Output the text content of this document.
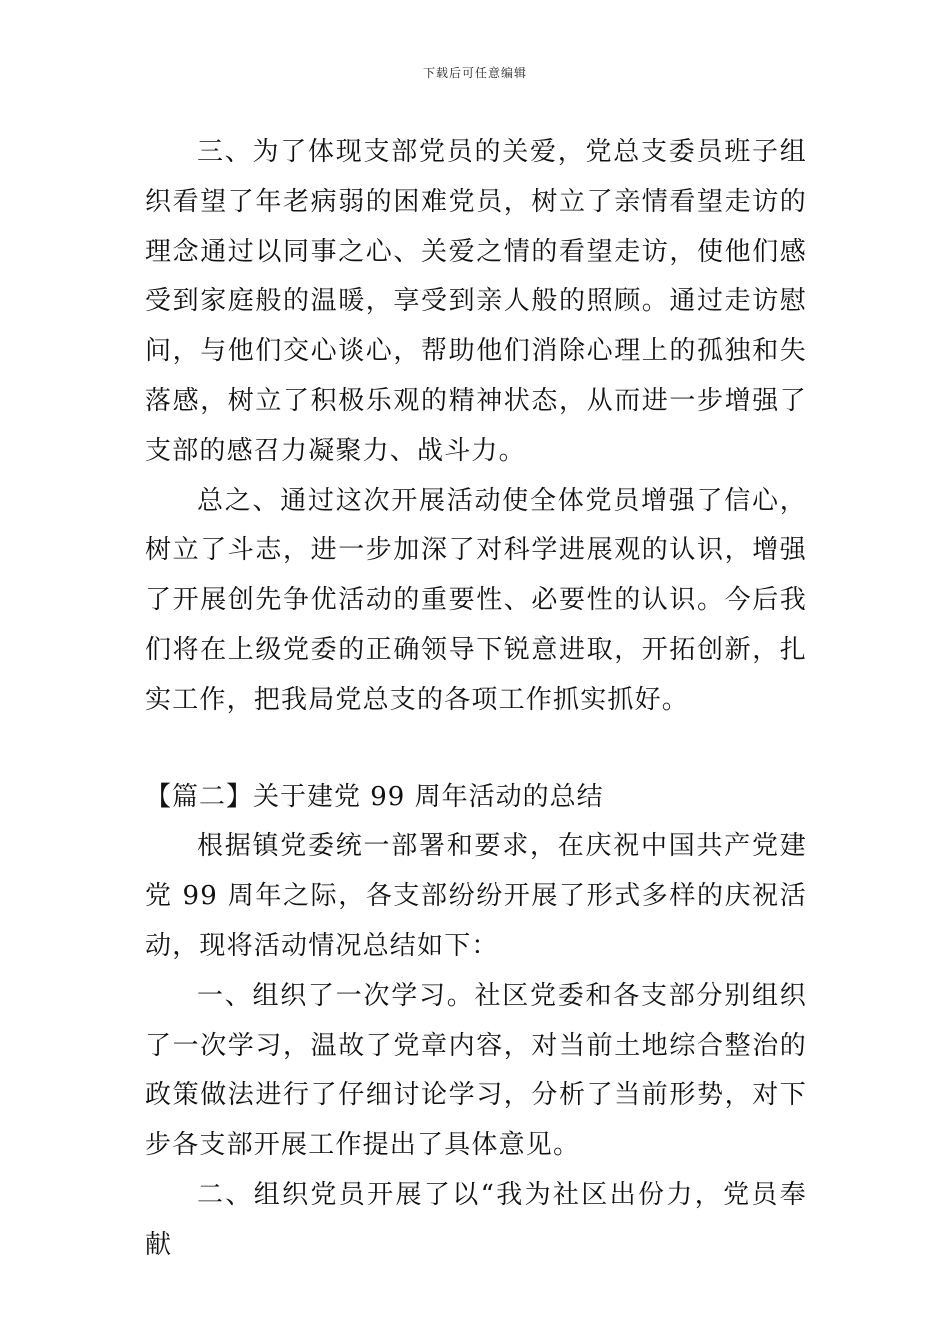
下载后可任意编辑

三、为了体现支部党员的关爱，党总支委员班子组织看望了年老病弱的困难党员，树立了亲情看望走访的理念通过以同事之心、关爱之情的看望走访，使他们感受到家庭般的温暖，享受到亲人般的照顾。通过走访慰问，与他们交心谈心，帮助他们消除心理上的孤独和失落感，树立了积极乐观的精神状态，从而进一步增强了支部的感召力凝聚力、战斗力。

总之、通过这次开展活动使全体党员增强了信心，树立了斗志，进一步加深了对科学进展观的认识，增强了开展创先争优活动的重要性、必要性的认识。今后我们将在上级党委的正确领导下锐意进取，开拓创新，扎实工作，把我局党总支的各项工作抓实抓好。

【篇二】关于建党 99 周年活动的总结

根据镇党委统一部署和要求，在庆祝中国共产党建党 99 周年之际，各支部纷纷开展了形式多样的庆祝活动，现将活动情况总结如下：

一、组织了一次学习。社区党委和各支部分别组织了一次学习，温故了党章内容，对当前土地综合整治的政策做法进行了仔细讨论学习，分析了当前形势，对下步各支部开展工作提出了具体意见。

二、组织党员开展了以“我为社区出份力，党员奉献
